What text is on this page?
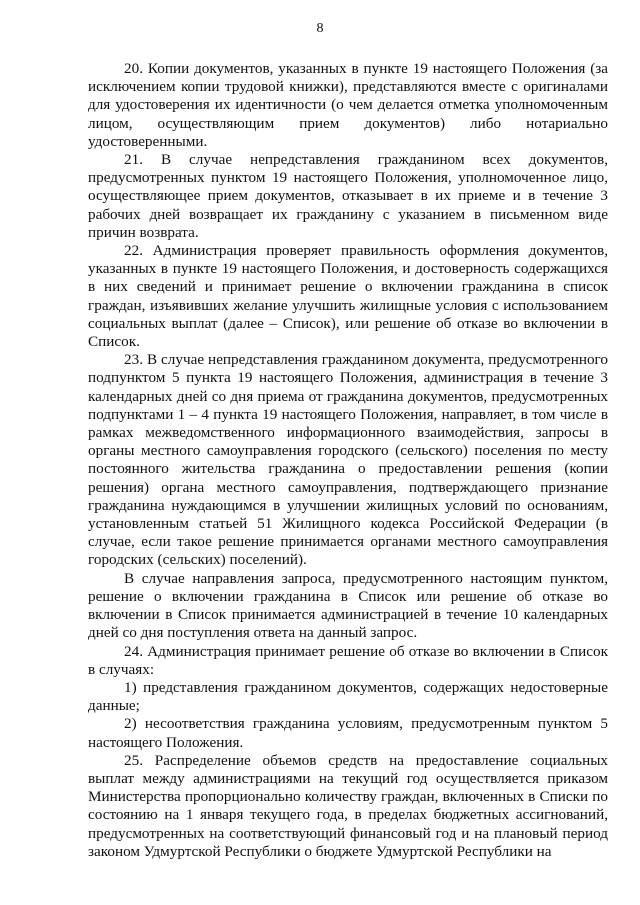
8

20. Копии документов, указанных в пункте 19 настоящего Положения (за исключением копии трудовой книжки), представляются вместе с оригиналами для удостоверения их идентичности (о чем делается отметка уполномоченным лицом, осуществляющим прием документов) либо нотариально удостоверенными.

21. В случае непредставления гражданином всех документов, предусмотренных пунктом 19 настоящего Положения, уполномоченное лицо, осуществляющее прием документов, отказывает в их приеме и в течение 3 рабочих дней возвращает их гражданину с указанием в письменном виде причин возврата.

22. Администрация проверяет правильность оформления документов, указанных в пункте 19 настоящего Положения, и достоверность содержащихся в них сведений и принимает решение о включении гражданина в список граждан, изъявивших желание улучшить жилищные условия с использованием социальных выплат (далее – Список), или решение об отказе во включении в Список.

23. В случае непредставления гражданином документа, предусмотренного подпунктом 5 пункта 19 настоящего Положения, администрация в течение 3 календарных дней со дня приема от гражданина документов, предусмотренных подпунктами 1 – 4 пункта 19 настоящего Положения, направляет, в том числе в рамках межведомственного информационного взаимодействия, запросы в органы местного самоуправления городского (сельского) поселения по месту постоянного жительства гражданина о предоставлении решения (копии решения) органа местного самоуправления, подтверждающего признание гражданина нуждающимся в улучшении жилищных условий по основаниям, установленным статьей 51 Жилищного кодекса Российской Федерации (в случае, если такое решение принимается органами местного самоуправления городских (сельских) поселений).

В случае направления запроса, предусмотренного настоящим пунктом, решение о включении гражданина в Список или решение об отказе во включении в Список принимается администрацией в течение 10 календарных дней со дня поступления ответа на данный запрос.

24. Администрация принимает решение об отказе во включении в Список в случаях:

1) представления гражданином документов, содержащих недостоверные данные;

2) несоответствия гражданина условиям, предусмотренным пунктом 5 настоящего Положения.

25. Распределение объемов средств на предоставление социальных выплат между администрациями на текущий год осуществляется приказом Министерства пропорционально количеству граждан, включенных в Списки по состоянию на 1 января текущего года, в пределах бюджетных ассигнований, предусмотренных на соответствующий финансовый год и на плановый период законом Удмуртской Республики о бюджете Удмуртской Республики на
